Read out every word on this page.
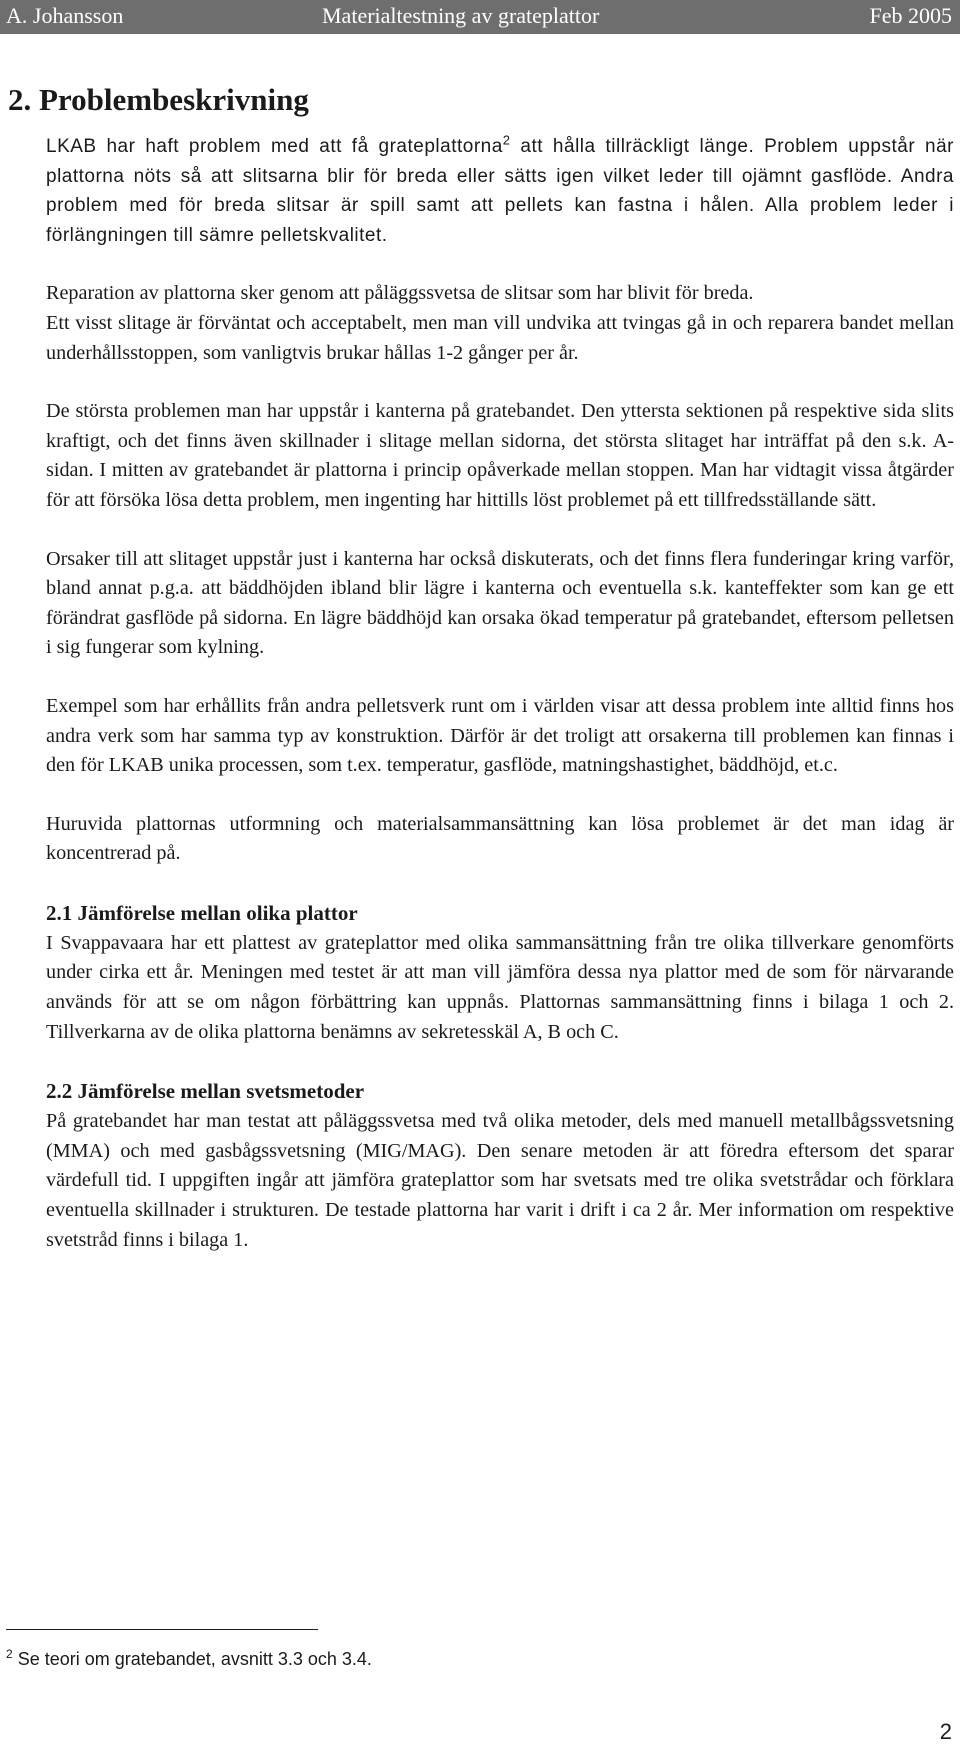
A. Johansson	Materialtestning av grateplattor	Feb 2005
2. Problembeskrivning

LKAB har haft problem med att få grateplattorna$^2$ att hålla tillräckligt länge. Problem uppstår när plattorna nöts så att slitsarna blir för breda eller sätts igen vilket leder till ojämnt gasflöde. Andra problem med för breda slitsar är spill samt att pellets kan fastna i hålen. Alla problem leder i förlängningen till sämre pelletskvalitet.

Reparation av plattorna sker genom att påläggssvetsa de slitsar som har blivit för breda.

Ett visst slitage är förväntat och acceptabelt, men man vill undvika att tvingas gå in och reparera bandet mellan underhållsstoppen, som vanligtvis brukar hållas 1-2 gånger per år.

De största problemen man har uppstår i kanterna på gratebandet. Den yttersta sektionen på respektive sida slits kraftigt, och det finns även skillnader i slitage mellan sidorna, det största slitaget har inträffat på den s.k. A-sidan. I mitten av gratebandet är plattorna i princip opåverkade mellan stoppen. Man har vidtagit vissa åtgärder för att försöka lösa detta problem, men ingenting har hittills löst problemet på ett tillfredsställande sätt.

Orsaker till att slitaget uppstår just i kanterna har också diskuterats, och det finns flera funderingar kring varför, bland annat p.g.a. att bäddhöjden ibland blir lägre i kanterna och eventuella s.k. kanteffekter som kan ge ett förändrat gasflöde på sidorna. En lägre bäddhöjd kan orsaka ökad temperatur på gratebandet, eftersom pelletsen i sig fungerar som kylning.

Exempel som har erhållits från andra pelletsverk runt om i världen visar att dessa problem inte alltid finns hos andra verk som har samma typ av konstruktion. Därför är det troligt att orsakerna till problemen kan finnas i den för LKAB unika processen, som t.ex. temperatur, gasflöde, matningshastighet, bäddhöjd, et.c.

Huruvida plattornas utformning och materialsammansättning kan lösa problemet är det man idag är koncentrerad på.

2.1 Jämförelse mellan olika plattor

I Svappavaara har ett plattest av grateplattor med olika sammansättning från tre olika tillverkare genomförts under cirka ett år. Meningen med testet är att man vill jämföra dessa nya plattor med de som för närvarande används för att se om någon förbättring kan uppnås. Plattornas sammansättning finns i bilaga 1 och 2. Tillverkarna av de olika plattorna benämns av sekretesskäl A, B och C.

2.2 Jämförelse mellan svetsmetoder

På gratebandet har man testat att påläggssvetsa med två olika metoder, dels med manuell metallbågssvetsning (MMA) och med gasbågssvetsning (MIG/MAG). Den senare metoden är att föredra eftersom det sparar värdefull tid. I uppgiften ingår att jämföra grateplattor som har svetsats med tre olika svetstrådar och förklara eventuella skillnader i strukturen. De testade plattorna har varit i drift i ca 2 år. Mer information om respektive svetstråd finns i bilaga 1.

$^2$ Se teori om gratebandet, avsnitt 3.3 och 3.4.
2
